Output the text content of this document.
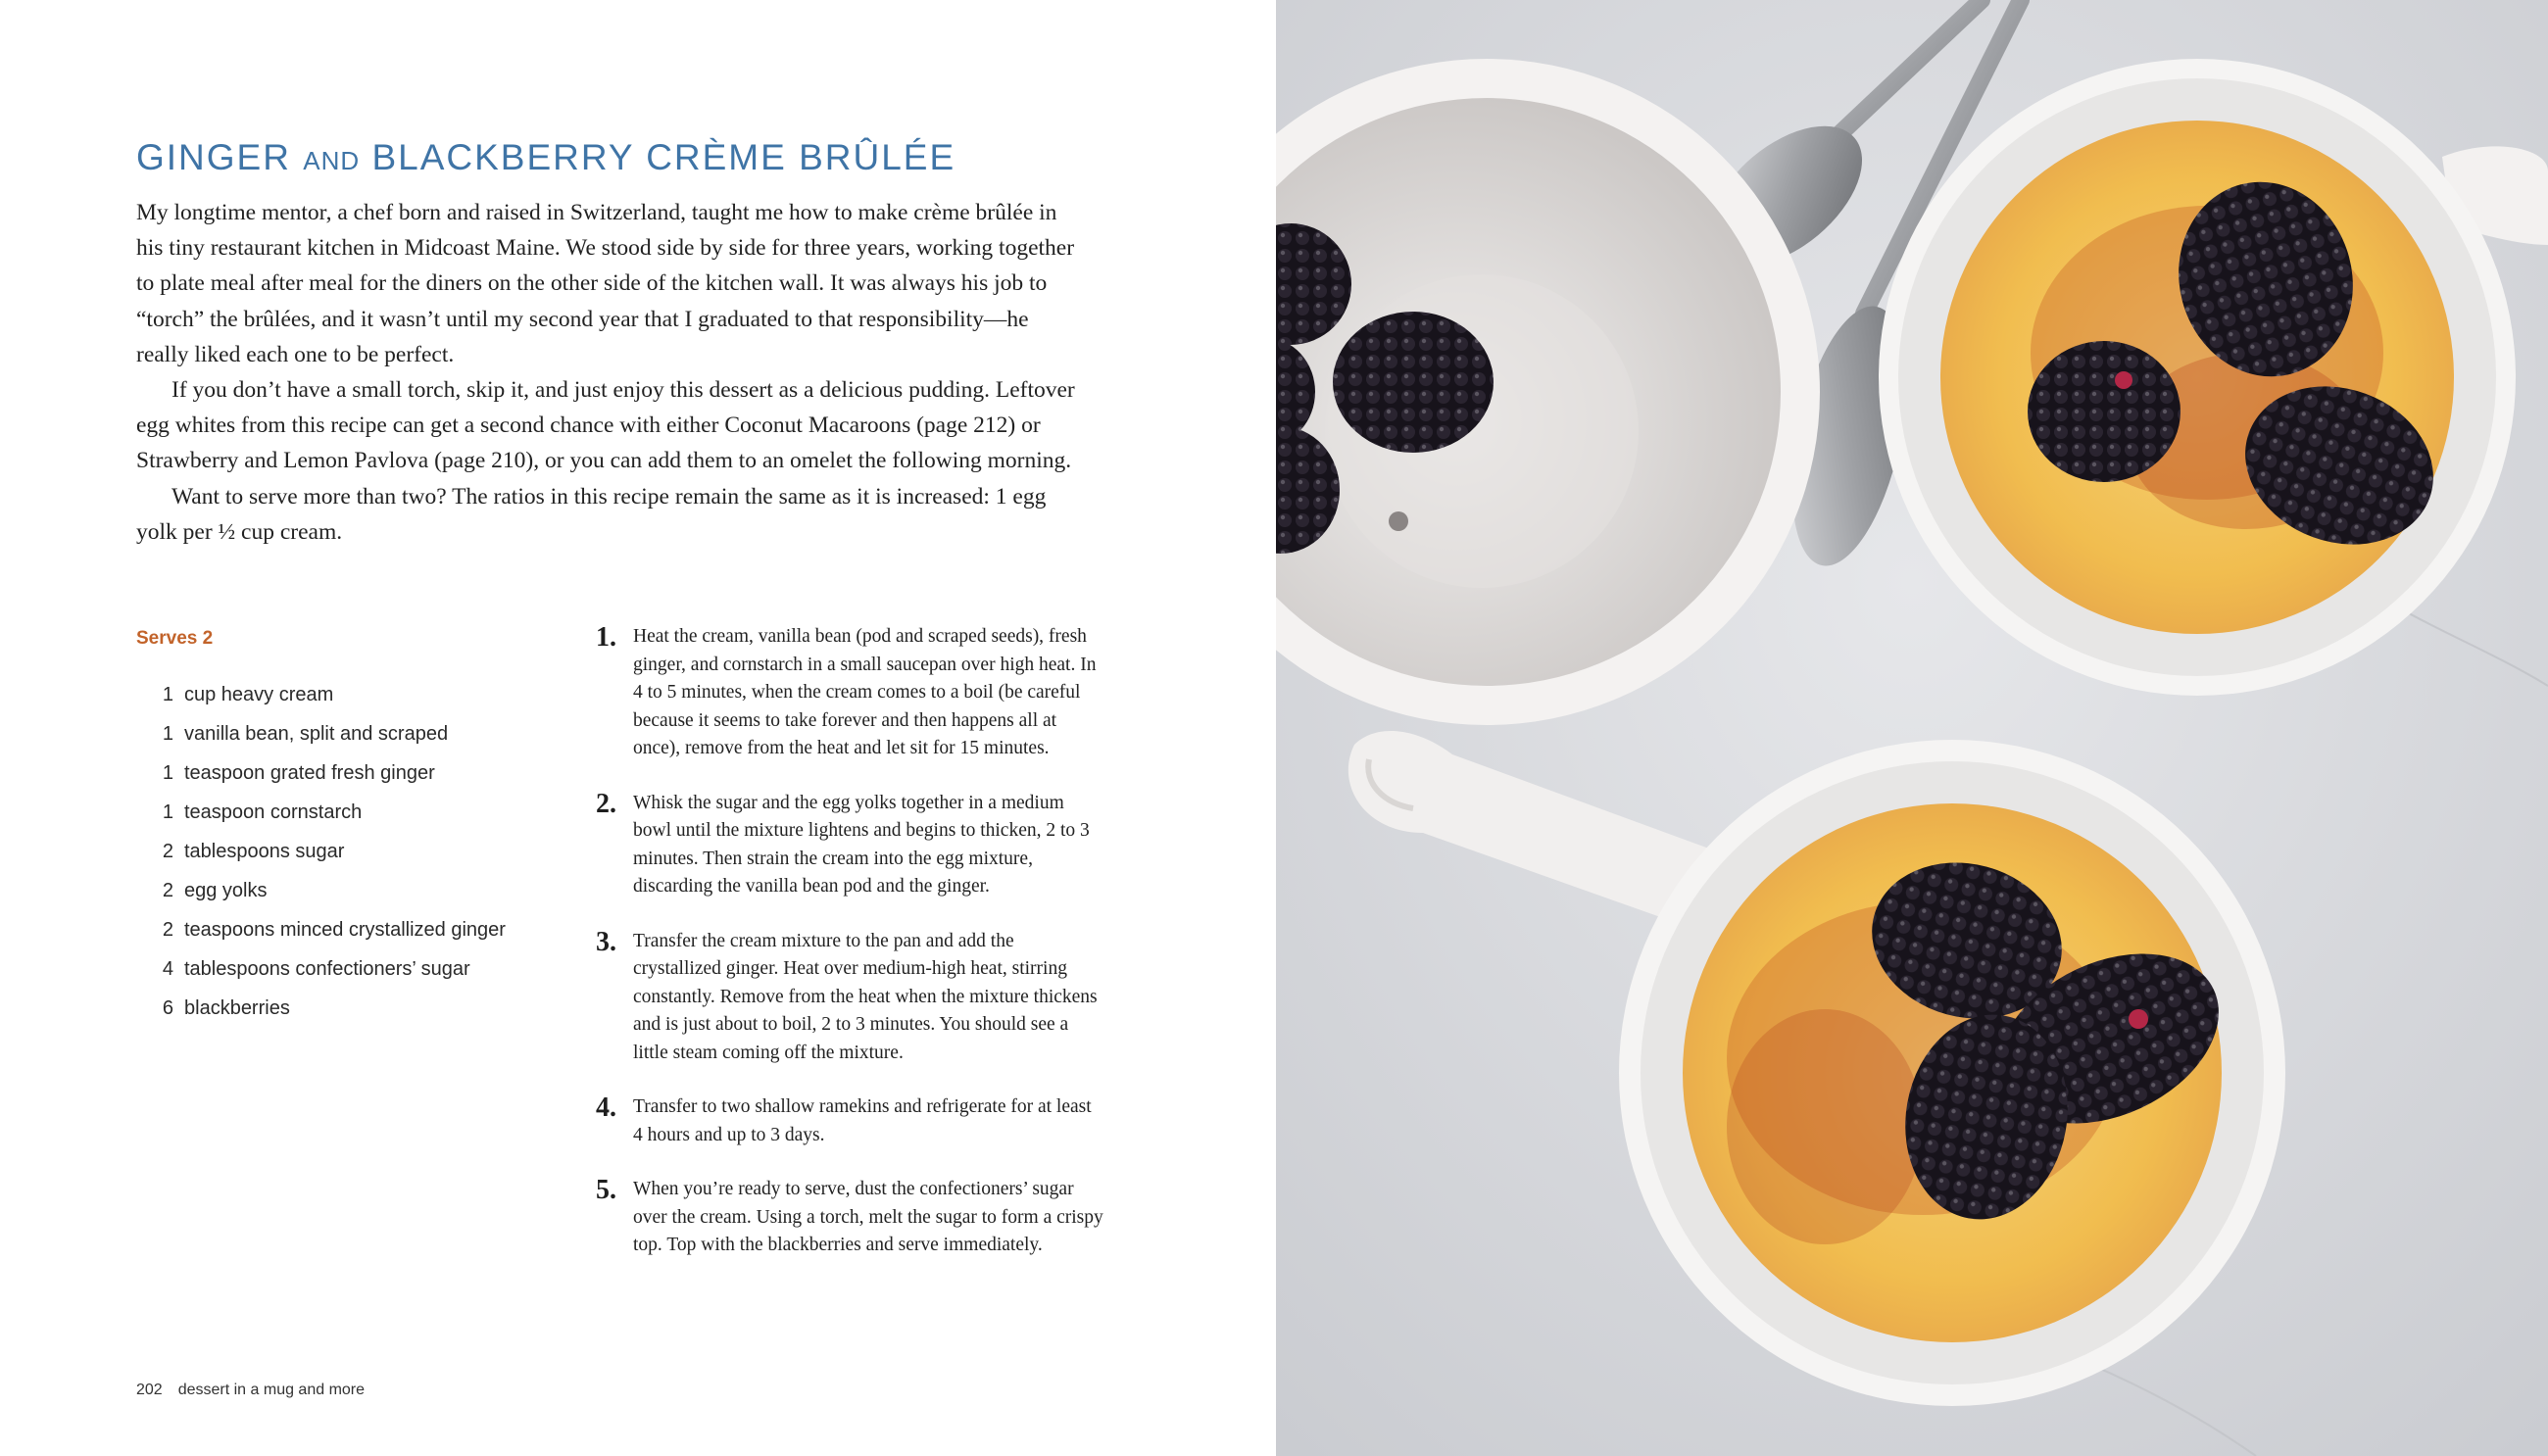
GINGER AND BLACKBERRY CRÈME BRÛLÉE

My longtime mentor, a chef born and raised in Switzerland, taught me how to make crème brûlée in his tiny restaurant kitchen in Midcoast Maine. We stood side by side for three years, working together to plate meal after meal for the diners on the other side of the kitchen wall. It was always his job to “torch” the brûlées, and it wasn’t until my second year that I graduated to that responsibility—he really liked each one to be perfect.

If you don’t have a small torch, skip it, and just enjoy this dessert as a delicious pudding. Leftover egg whites from this recipe can get a second chance with either Coconut Macaroons (page 212) or Strawberry and Lemon Pavlova (page 210), or you can add them to an omelet the following morning.

Want to serve more than two? The ratios in this recipe remain the same as it is increased: 1 egg yolk per ½ cup cream.

Serves 2
1 cup heavy cream
1 vanilla bean, split and scraped
1 teaspoon grated fresh ginger
1 teaspoon cornstarch
2 tablespoons sugar
2 egg yolks
2 teaspoons minced crystallized ginger
4 tablespoons confectioners’ sugar
6 blackberries
1. Heat the cream, vanilla bean (pod and scraped seeds), fresh ginger, and cornstarch in a small saucepan over high heat. In 4 to 5 minutes, when the cream comes to a boil (be careful because it seems to take forever and then happens all at once), remove from the heat and let sit for 15 minutes.
2. Whisk the sugar and the egg yolks together in a medium bowl until the mixture lightens and begins to thicken, 2 to 3 minutes. Then strain the cream into the egg mixture, discarding the vanilla bean pod and the ginger.
3. Transfer the cream mixture to the pan and add the crystallized ginger. Heat over medium-high heat, stirring constantly. Remove from the heat when the mixture thickens and is just about to boil, 2 to 3 minutes. You should see a little steam coming off the mixture.
4. Transfer to two shallow ramekins and refrigerate for at least 4 hours and up to 3 days.
5. When you’re ready to serve, dust the confectioners’ sugar over the cream. Using a torch, melt the sugar to form a crispy top. Top with the blackberries and serve immediately.
202 dessert in a mug and more
